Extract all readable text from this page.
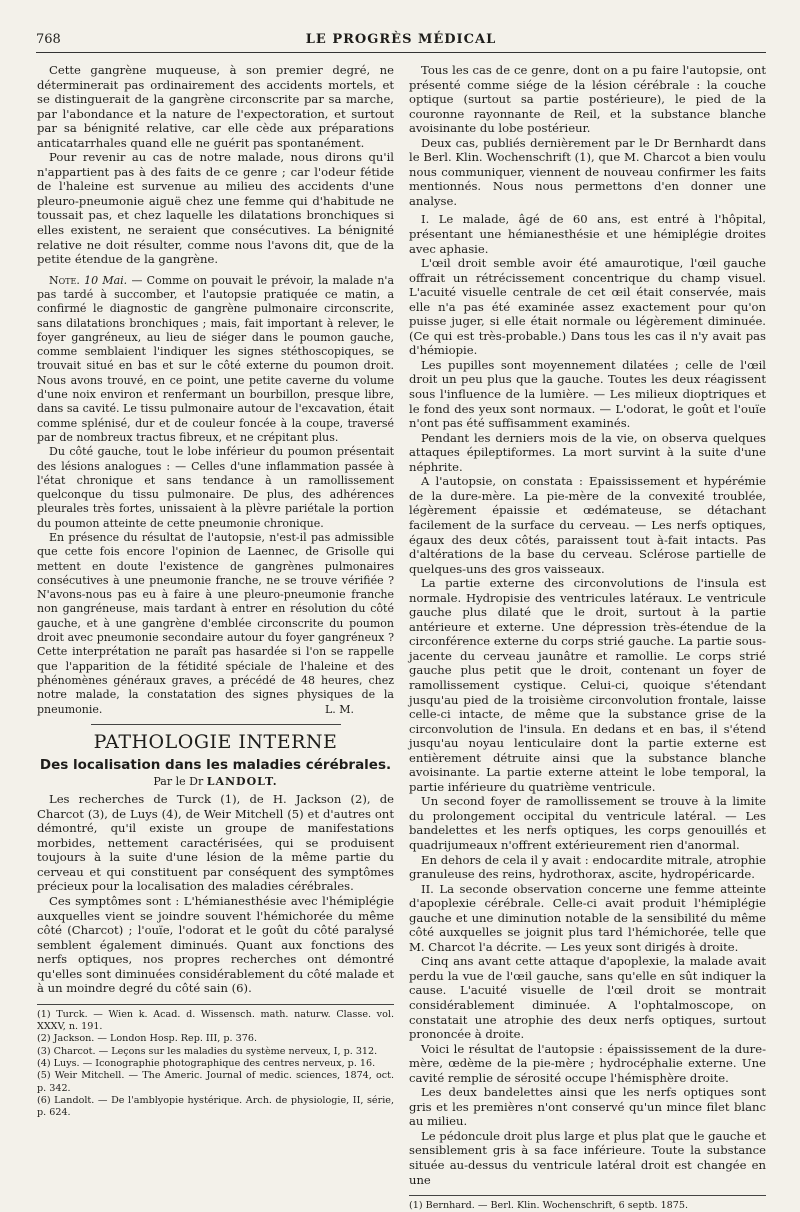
768	LE PROGRÈS MÉDICAL

Cette gangrène muqueuse, à son premier degré, ne déterminerait pas ordinairement des accidents mortels, et se distinguerait de la gangrène circonscrite par sa marche, par l'abondance et la nature de l'expectoration, et surtout par sa bénignité relative, car elle cède aux préparations anticatarrhales quand elle ne guérit pas spontanément.

Pour revenir au cas de notre malade, nous dirons qu'il n'appartient pas à des faits de ce genre ; car l'odeur fétide de l'haleine est survenue au milieu des accidents d'une pleuro-pneumonie aiguë chez une femme qui d'habitude ne toussait pas, et chez laquelle les dilatations bronchiques si elles existent, ne seraient que consécutives. La bénignité relative ne doit résulter, comme nous l'avons dit, que de la petite étendue de la gangrène.

Note. 10 Mai. — Comme on pouvait le prévoir, la malade n'a pas tardé à succomber, et l'autopsie pratiquée ce matin, a confirmé le diagnostic de gangrène pulmonaire circonscrite, sans dilatations bronchiques ; mais, fait important à relever, le foyer gangréneux, au lieu de siéger dans le poumon gauche, comme semblaient l'indiquer les signes stéthoscopiques, se trouvait situé en bas et sur le côté externe du poumon droit. Nous avons trouvé, en ce point, une petite caverne du volume d'une noix environ et renfermant un bourbillon, presque libre, dans sa cavité. Le tissu pulmonaire autour de l'excavation, était comme splénisé, dur et de couleur foncée à la coupe, traversé par de nombreux tractus fibreux, et ne crépitant plus.

Du côté gauche, tout le lobe inférieur du poumon présentait des lésions analogues : — Celles d'une inflammation passée à l'état chronique et sans tendance à un ramollissement quelconque du tissu pulmonaire. De plus, des adhérences pleurales très fortes, unissaient à la plèvre pariétale la portion du poumon atteinte de cette pneumonie chronique.

En présence du résultat de l'autopsie, n'est-il pas admissible que cette fois encore l'opinion de Laennec, de Grisolle qui mettent en doute l'existence de gangrènes pulmonaires consécutives à une pneumonie franche, ne se trouve vérifiée ? N'avons-nous pas eu à faire à une pleuro-pneumonie franche non gangréneuse, mais tardant à entrer en résolution du côté gauche, et à une gangrène d'emblée circonscrite du poumon droit avec pneumonie secondaire autour du foyer gangréneux ? Cette interprétation ne paraît pas hasardée si l'on se rappelle que l'apparition de la fétidité spéciale de l'haleine et des phénomènes généraux graves, a précédé de 48 heures, chez notre malade, la constatation des signes physiques de la pneumonie.	L. M.

PATHOLOGIE INTERNE
Des localisation dans les maladies cérébrales.
Par le Dr LANDOLT.

Les recherches de Turck (1), de H. Jackson (2), de Charcot (3), de Luys (4), de Weir Mitchell (5) et d'autres ont démontré, qu'il existe un groupe de manifestations morbides, nettement caractérisées, qui se produisent toujours à la suite d'une lésion de la même partie du cerveau et qui constituent par conséquent des symptômes précieux pour la localisation des maladies cérébrales.

Ces symptômes sont : L'hémianesthésie avec l'hémiplégie auxquelles vient se joindre souvent l'hémichorée du même côté (Charcot) ; l'ouïe, l'odorat et le goût du côté paralysé semblent également diminués. Quant aux fonctions des nerfs optiques, nos propres recherches ont démontré qu'elles sont diminuées considérablement du côté malade et à un moindre degré du côté sain (6).

(1) Turck. — Wien k. Acad. d. Wissensch. math. naturw. Classe. vol. XXXV, n. 191.

(2) Jackson. — London Hosp. Rep. III, p. 376.

(3) Charcot. — Leçons sur les maladies du système nerveux, I, p. 312.

(4) Luys. — Iconographie photographique des centres nerveux, p. 16.

(5) Weir Mitchell. — The Americ. Journal of medic. sciences, 1874, oct. p. 342.

(6) Landolt. — De l'amblyopie hystérique. Arch. de physiologie, II, série, p. 624.

Tous les cas de ce genre, dont on a pu faire l'autopsie, ont présenté comme siége de la lésion cérébrale : la couche optique (surtout sa partie postérieure), le pied de la couronne rayonnante de Reil, et la substance blanche avoisinante du lobe postérieur.

Deux cas, publiés dernièrement par le Dr Bernhardt dans le Berl. Klin. Wochenschrift (1), que M. Charcot a bien voulu nous communiquer, viennent de nouveau confirmer les faits mentionnés. Nous nous permettons d'en donner une analyse.

I. Le malade, âgé de 60 ans, est entré à l'hôpital, présentant une hémianesthésie et une hémiplégie droites avec aphasie.

L'œil droit semble avoir été amaurotique, l'œil gauche offrait un rétrécissement concentrique du champ visuel. L'acuité visuelle centrale de cet œil était conservée, mais elle n'a pas été examinée assez exactement pour qu'on puisse juger, si elle était normale ou légèrement diminuée. (Ce qui est très-probable.) Dans tous les cas il n'y avait pas d'hémiopie.

Les pupilles sont moyennement dilatées ; celle de l'œil droit un peu plus que la gauche. Toutes les deux réagissent sous l'influence de la lumière. — Les milieux dioptriques et le fond des yeux sont normaux. — L'odorat, le goût et l'ouïe n'ont pas été suffisamment examinés.

Pendant les derniers mois de la vie, on observa quelques attaques épileptiformes. La mort survint à la suite d'une néphrite.

A l'autopsie, on constata : Epaississement et hypérémie de la dure-mère. La pie-mère de la convexité troublée, légèrement épaissie et œdémateuse, se détachant facilement de la surface du cerveau. — Les nerfs optiques, égaux des deux côtés, paraissent tout à-fait intacts. Pas d'altérations de la base du cerveau. Sclérose partielle de quelques-uns des gros vaisseaux.

La partie externe des circonvolutions de l'insula est normale. Hydropisie des ventricules latéraux. Le ventricule gauche plus dilaté que le droit, surtout à la partie antérieure et externe. Une dépression très-étendue de la circonférence externe du corps strié gauche. La partie sous-jacente du cerveau jaunâtre et ramollie. Le corps strié gauche plus petit que le droit, contenant un foyer de ramollissement cystique. Celui-ci, quoique s'étendant jusqu'au pied de la troisième circonvolution frontale, laisse celle-ci intacte, de même que la substance grise de la circonvolution de l'insula. En dedans et en bas, il s'étend jusqu'au noyau lenticulaire dont la partie externe est entièrement détruite ainsi que la substance blanche avoisinante. La partie externe atteint le lobe temporal, la partie inférieure du quatrième ventricule.

Un second foyer de ramollissement se trouve à la limite du prolongement occipital du ventricule latéral. — Les bandelettes et les nerfs optiques, les corps genouillés et quadrijumeaux n'offrent extérieurement rien d'anormal.

En dehors de cela il y avait : endocardite mitrale, atrophie granuleuse des reins, hydrothorax, ascite, hydropéricarde.

II. La seconde observation concerne une femme atteinte d'apoplexie cérébrale. Celle-ci avait produit l'hémiplégie gauche et une diminution notable de la sensibilité du même côté auxquelles se joignit plus tard l'hémichorée, telle que M. Charcot l'a décrite. — Les yeux sont dirigés à droite.

Cinq ans avant cette attaque d'apoplexie, la malade avait perdu la vue de l'œil gauche, sans qu'elle en sût indiquer la cause. L'acuité visuelle de l'œil droit se montrait considérablement diminuée. A l'ophtalmoscope, on constatait une atrophie des deux nerfs optiques, surtout prononcée à droite.

Voici le résultat de l'autopsie : épaississement de la dure-mère, œdème de la pie-mère ; hydrocéphalie externe. Une cavité remplie de sérosité occupe l'hémisphère droite.

Les deux bandelettes ainsi que les nerfs optiques sont gris et les premières n'ont conservé qu'un mince filet blanc au milieu.

Le pédoncule droit plus large et plus plat que le gauche et sensiblement gris à sa face inférieure. Toute la substance située au-dessus du ventricule latéral droit est changée en une

(1) Bernhard. — Berl. Klin. Wochenschrift, 6 septb. 1875.
